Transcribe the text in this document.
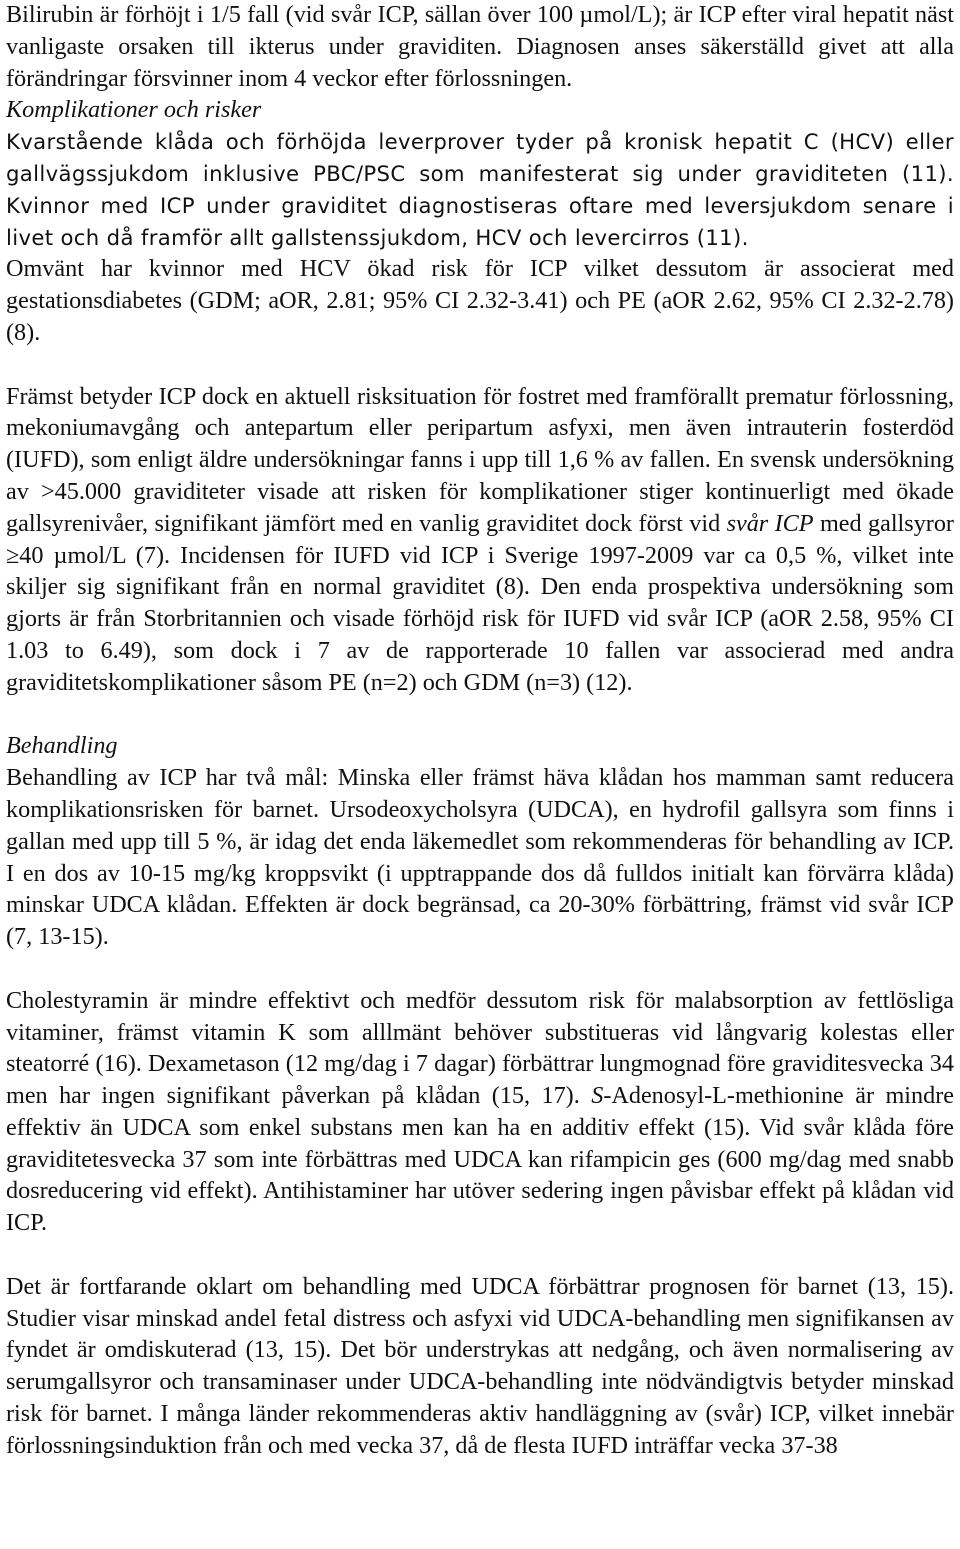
Bilirubin är förhöjt i 1/5 fall (vid svår ICP, sällan över 100 µmol/L); är ICP efter viral hepatit näst vanligaste orsaken till ikterus under graviditen. Diagnosen anses säkerställd givet att alla förändringar försvinner inom 4 veckor efter förlossningen.

Komplikationer och risker

Kvarstående klåda och förhöjda leverprover tyder på kronisk hepatit C (HCV) eller

gallvägssjukdom inklusive PBC/PSC som manifesterat sig under graviditeten (11). Kvinnor med ICP under graviditet diagnostiseras oftare med leversjukdom senare i livet och då framför allt gallstenssjukdom, HCV och levercirros (11).

Omvänt har kvinnor med HCV ökad risk för ICP vilket dessutom är associerat med gestationsdiabetes (GDM; aOR, 2.81; 95% CI 2.32-3.41) och PE (aOR 2.62, 95% CI 2.32-2.78) (8).

Främst betyder ICP dock en aktuell risksituation för fostret med framförallt prematur förlossning, mekoniumavgång och antepartum eller peripartum asfyxi, men även intrauterin fosterdöd (IUFD), som enligt äldre undersökningar fanns i upp till 1,6 % av fallen. En svensk undersökning av >45.000 graviditeter visade att risken för komplikationer stiger kontinuerligt med ökade gallsyrenivåer, signifikant jämfört med en vanlig graviditet dock först vid svår ICP med gallsyror ≥40 µmol/L (7). Incidensen för IUFD vid ICP i Sverige 1997-2009 var ca 0,5 %, vilket inte skiljer sig signifikant från en normal graviditet (8). Den enda prospektiva undersökning som gjorts är från Storbritannien och visade förhöjd risk för IUFD vid svår ICP (aOR 2.58, 95% CI 1.03 to 6.49), som dock i 7 av de rapporterade 10 fallen var associerad med andra graviditetskomplikationer såsom PE (n=2) och GDM (n=3) (12).

Behandling

Behandling av ICP har två mål: Minska eller främst häva klådan hos mamman samt reducera komplikationsrisken för barnet. Ursodeoxycholsyra (UDCA), en hydrofil gallsyra som finns i gallan med upp till 5 %, är idag det enda läkemedlet som rekommenderas för behandling av ICP. I en dos av 10-15 mg/kg kroppsvikt (i upptrappande dos då fulldos initialt kan förvärra klåda) minskar UDCA klådan. Effekten är dock begränsad, ca 20-30% förbättring, främst vid svår ICP (7, 13-15).

Cholestyramin är mindre effektivt och medför dessutom risk för malabsorption av fettlösliga vitaminer, främst vitamin K som alllmänt behöver substitueras vid långvarig kolestas eller steatorré (16). Dexametason (12 mg/dag i 7 dagar) förbättrar lungmognad före graviditesvecka 34 men har ingen signifikant påverkan på klådan (15, 17). S-Adenosyl-L-methionine är mindre effektiv än UDCA som enkel substans men kan ha en additiv effekt (15). Vid svår klåda före graviditetesvecka 37 som inte förbättras med UDCA kan rifampicin ges (600 mg/dag med snabb dosreducering vid effekt). Antihistaminer har utöver sedering ingen påvisbar effekt på klådan vid ICP.

Det är fortfarande oklart om behandling med UDCA förbättrar prognosen för barnet (13, 15). Studier visar minskad andel fetal distress och asfyxi vid UDCA-behandling men signifikansen av fyndet är omdiskuterad (13, 15). Det bör understrykas att nedgång, och även normalisering av serumgallsyror och transaminaser under UDCA-behandling inte nödvändigtvis betyder minskad risk för barnet. I många länder rekommenderas aktiv handläggning av (svår) ICP, vilket innebär förlossningsinduktion från och med vecka 37, då de flesta IUFD inträffar vecka 37-38
